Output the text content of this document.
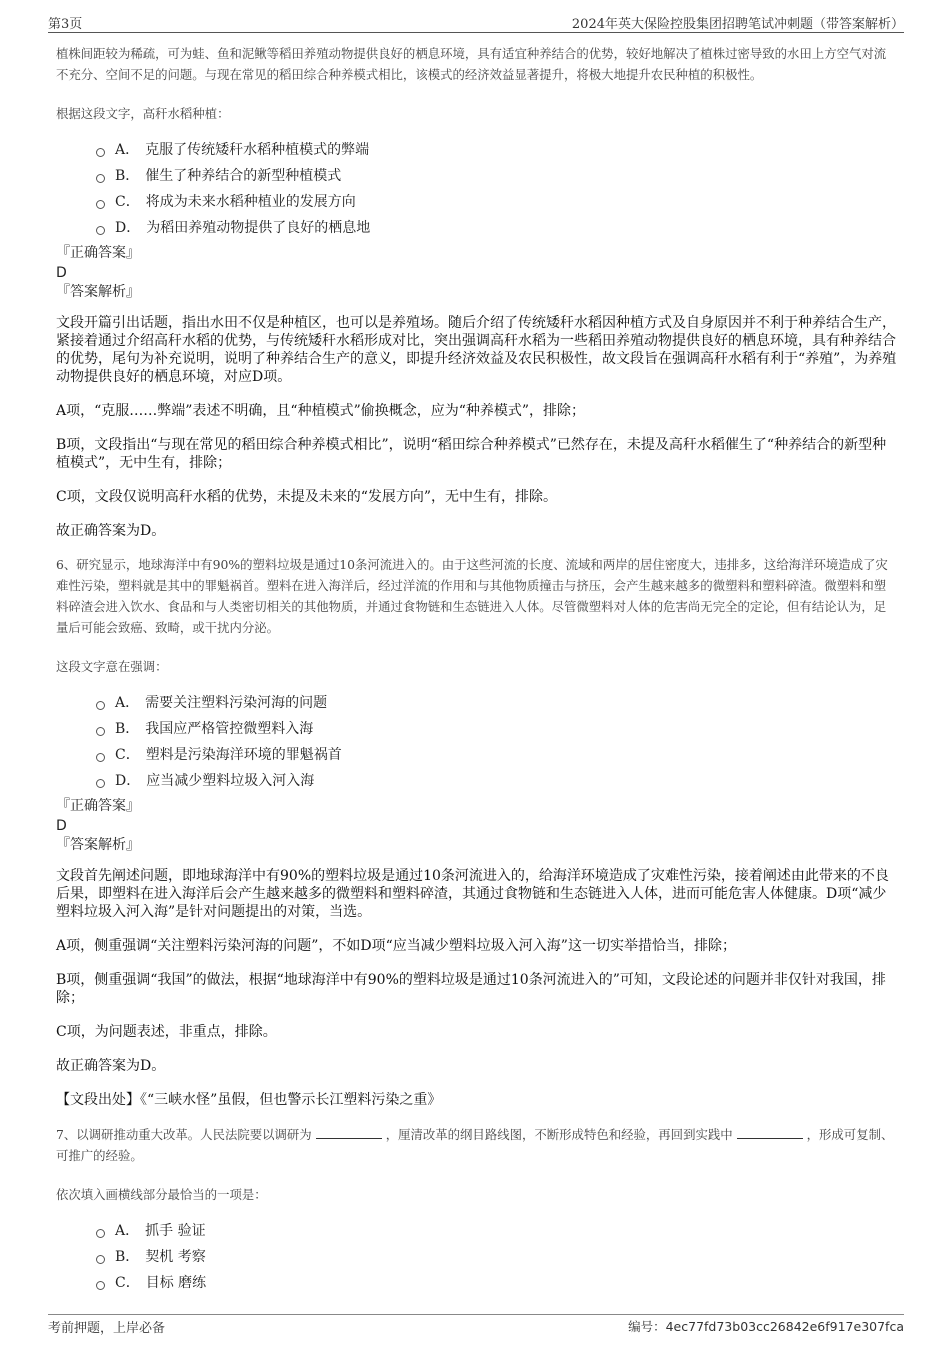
第3页	2024年英大保险控股集团招聘笔试冲刺题（带答案解析）

植株间距较为稀疏，可为蛙、鱼和泥鳅等稻田养殖动物提供良好的栖息环境，具有适宜种养结合的优势，较好地解决了植株过密导致的水田上方空气对流不充分、空间不足的问题。与现在常见的稻田综合种养模式相比，该模式的经济效益显著提升，将极大地提升农民种植的积极性。

根据这段文字，高秆水稻种植：

A． 克服了传统矮秆水稻种植模式的弊端
B． 催生了种养结合的新型种植模式
C． 将成为未来水稻种植业的发展方向
D． 为稻田养殖动物提供了良好的栖息地

『正确答案』

D

『答案解析』

文段开篇引出话题，指出水田不仅是种植区，也可以是养殖场。随后介绍了传统矮秆水稻因种植方式及自身原因并不利于种养结合生产，紧接着通过介绍高秆水稻的优势，与传统矮秆水稻形成对比，突出强调高秆水稻为一些稻田养殖动物提供良好的栖息环境，具有种养结合的优势，尾句为补充说明，说明了种养结合生产的意义，即提升经济效益及农民积极性，故文段旨在强调高秆水稻有利于“养殖”，为养殖动物提供良好的栖息环境，对应D项。

A项，“克服……弊端”表述不明确，且“种植模式”偷换概念，应为“种养模式”，排除；

B项，文段指出“与现在常见的稻田综合种养模式相比”，说明“稻田综合种养模式”已然存在，未提及高秆水稻催生了“种养结合的新型种植模式”，无中生有，排除；

C项，文段仅说明高秆水稻的优势，未提及未来的“发展方向”，无中生有，排除。

故正确答案为D。

6、研究显示，地球海洋中有90%的塑料垃圾是通过10条河流进入的。由于这些河流的长度、流域和两岸的居住密度大，违排多，这给海洋环境造成了灾难性污染，塑料就是其中的罪魁祸首。塑料在进入海洋后，经过洋流的作用和与其他物质撞击与挤压，会产生越来越多的微塑料和塑料碎渣。微塑料和塑料碎渣会进入饮水、食品和与人类密切相关的其他物质，并通过食物链和生态链进入人体。尽管微塑料对人体的危害尚无完全的定论，但有结论认为，足量后可能会致癌、致畸，或干扰内分泌。

这段文字意在强调：

A． 需要关注塑料污染河海的问题
B． 我国应严格管控微塑料入海
C． 塑料是污染海洋环境的罪魁祸首
D． 应当减少塑料垃圾入河入海

『正确答案』

D

『答案解析』

文段首先阐述问题，即地球海洋中有90%的塑料垃圾是通过10条河流进入的，给海洋环境造成了灾难性污染，接着阐述由此带来的不良后果，即塑料在进入海洋后会产生越来越多的微塑料和塑料碎渣，其通过食物链和生态链进入人体，进而可能危害人体健康。D项“减少塑料垃圾入河入海”是针对问题提出的对策，当选。

A项，侧重强调“关注塑料污染河海的问题”，不如D项“应当减少塑料垃圾入河入海”这一切实举措恰当，排除；

B项，侧重强调“我国”的做法，根据“地球海洋中有90%的塑料垃圾是通过10条河流进入的”可知，文段论述的问题并非仅针对我国，排除；

C项，为问题表述，非重点，排除。

故正确答案为D。

【文段出处】《“三峡水怪”虽假，但也警示长江塑料污染之重》

7、以调研推动重大改革。人民法院要以调研为	，厘清改革的纲目路线图，不断形成特色和经验，再回到实践中	，形成可复制、可推广的经验。

依次填入画横线部分最恰当的一项是：

A． 抓手 验证
B． 契机 考察
C． 目标 磨练
考前押题，上岸必备	编号：4ec77fd73b03cc26842e6f917e307fca
